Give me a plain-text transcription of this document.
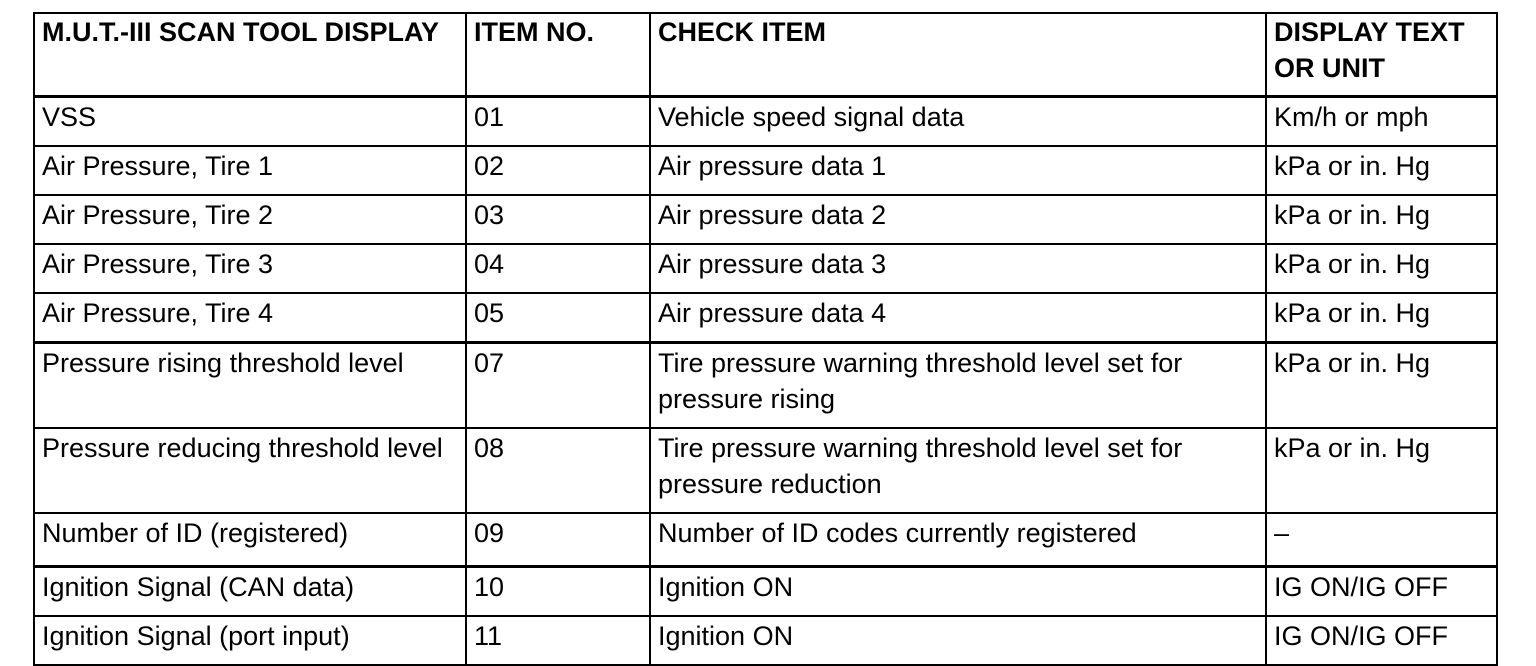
M.U.T.-III SCAN TOOL DISPLAY	ITEM NO.	CHECK ITEM	DISPLAY TEXT OR UNIT
VSS	01	Vehicle speed signal data	Km/h or mph
Air Pressure, Tire 1	02	Air pressure data 1	kPa or in. Hg
Air Pressure, Tire 2	03	Air pressure data 2	kPa or in. Hg
Air Pressure, Tire 3	04	Air pressure data 3	kPa or in. Hg
Air Pressure, Tire 4	05	Air pressure data 4	kPa or in. Hg
Pressure rising threshold level	07	Tire pressure warning threshold level set for pressure rising	kPa or in. Hg
Pressure reducing threshold level	08	Tire pressure warning threshold level set for pressure reduction	kPa or in. Hg
Number of ID (registered)	09	Number of ID codes currently registered	–
Ignition Signal (CAN data)	10	Ignition ON	IG ON/IG OFF
Ignition Signal (port input)	11	Ignition ON	IG ON/IG OFF
